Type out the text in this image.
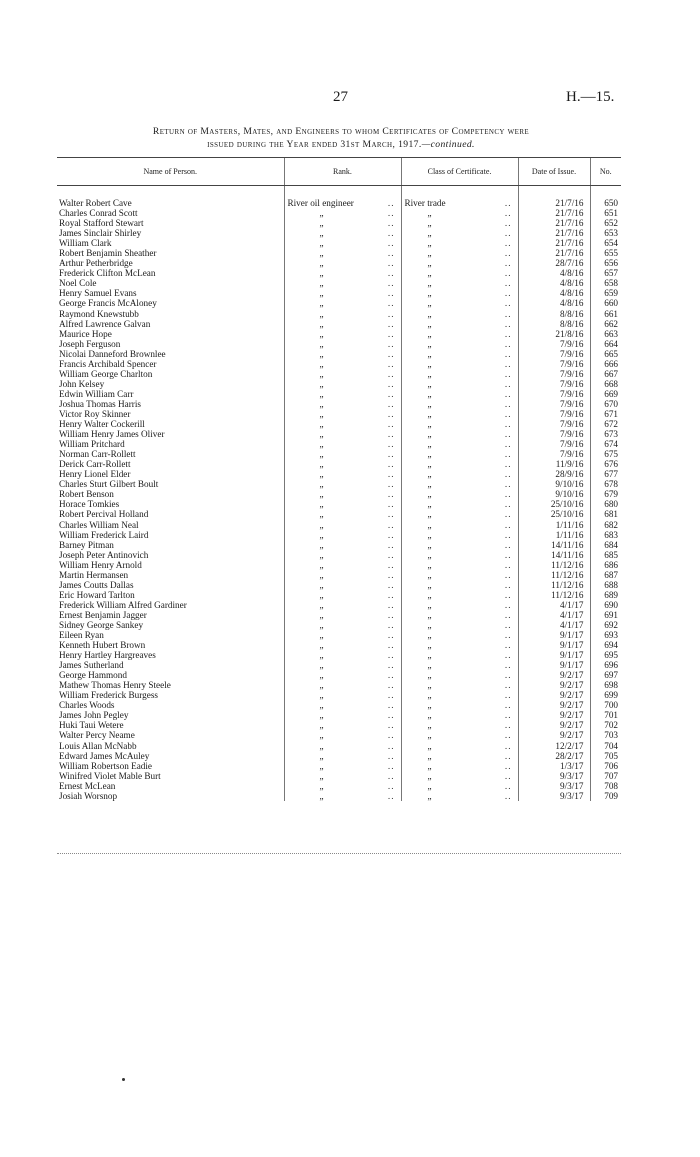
27	H.—15.
Return of Masters, Mates, and Engineers to whom Certificates of Competency were
issued during the Year ended 31st March, 1917.—continued.
Name of Person.	Rank.	Class of Certificate.	Date of Issue.	No.

Walter Robert Cave	River oil engineer ..	River trade ..	21/7/16	650
Charles Conrad Scott	„ ..	„ ..	21/7/16	651
Royal Stafford Stewart	„ ..	„ ..	21/7/16	652
James Sinclair Shirley	„ ..	„ ..	21/7/16	653
William Clark	„ ..	„ ..	21/7/16	654
Robert Benjamin Sheather	„ ..	„ ..	21/7/16	655
Arthur Petherbridge	„ ..	„ ..	28/7/16	656
Frederick Clifton McLean	„ ..	„ ..	4/8/16	657
Noel Cole	„ ..	„ ..	4/8/16	658
Henry Samuel Evans	„ ..	„ ..	4/8/16	659
George Francis McAloney	„ ..	„ ..	4/8/16	660
Raymond Knewstubb	„ ..	„ ..	8/8/16	661
Alfred Lawrence Galvan	„ ..	„ ..	8/8/16	662
Maurice Hope	„ ..	„ ..	21/8/16	663
Joseph Ferguson	„ ..	„ ..	7/9/16	664
Nicolai Danneford Brownlee	„ ..	„ ..	7/9/16	665
Francis Archibald Spencer	„ ..	„ ..	7/9/16	666
William George Charlton	„ ..	„ ..	7/9/16	667
John Kelsey	„ ..	„ ..	7/9/16	668
Edwin William Carr	„ ..	„ ..	7/9/16	669
Joshua Thomas Harris	„ ..	„ ..	7/9/16	670
Victor Roy Skinner	„ ..	„ ..	7/9/16	671
Henry Walter Cockerill	„ ..	„ ..	7/9/16	672
William Henry James Oliver	„ ..	„ ..	7/9/16	673
William Pritchard	„ ..	„ ..	7/9/16	674
Norman Carr-Rollett	„ ..	„ ..	7/9/16	675
Derick Carr-Rollett	„ ..	„ ..	11/9/16	676
Henry Lionel Elder	„ ..	„ ..	28/9/16	677
Charles Sturt Gilbert Boult	„ ..	„ ..	9/10/16	678
Robert Benson	„ ..	„ ..	9/10/16	679
Horace Tomkies	„ ..	„ ..	25/10/16	680
Robert Percival Holland	„ ..	„ ..	25/10/16	681
Charles William Neal	„ ..	„ ..	1/11/16	682
William Frederick Laird	„ ..	„ ..	1/11/16	683
Barney Pitman	„ ..	„ ..	14/11/16	684
Joseph Peter Antinovich	„ ..	„ ..	14/11/16	685
William Henry Arnold	„ ..	„ ..	11/12/16	686
Martin Hermansen	„ ..	„ ..	11/12/16	687
James Coutts Dallas	„ ..	„ ..	11/12/16	688
Eric Howard Tarlton	„ ..	„ ..	11/12/16	689
Frederick William Alfred Gardiner	„ ..	„ ..	4/1/17	690
Ernest Benjamin Jagger	„ ..	„ ..	4/1/17	691
Sidney George Sankey	„ ..	„ ..	4/1/17	692
Eileen Ryan	„ ..	„ ..	9/1/17	693
Kenneth Hubert Brown	„ ..	„ ..	9/1/17	694
Henry Hartley Hargreaves	„ ..	„ ..	9/1/17	695
James Sutherland	„ ..	„ ..	9/1/17	696
George Hammond	„ ..	„ ..	9/2/17	697
Mathew Thomas Henry Steele	„ ..	„ ..	9/2/17	698
William Frederick Burgess	„ ..	„ ..	9/2/17	699
Charles Woods	„ ..	„ ..	9/2/17	700
James John Pegley	„ ..	„ ..	9/2/17	701
Huki Taui Wetere	„ ..	„ ..	9/2/17	702
Walter Percy Neame	„ ..	„ ..	9/2/17	703
Louis Allan McNabb	„ ..	„ ..	12/2/17	704
Edward James McAuley	„ ..	„ ..	28/2/17	705
William Robertson Eadie	„ ..	„ ..	1/3/17	706
Winifred Violet Mable Burt	„ ..	„ ..	9/3/17	707
Ernest McLean	„ ..	„ ..	9/3/17	708
Josiah Worsnop	„ ..	„ ..	9/3/17	709
